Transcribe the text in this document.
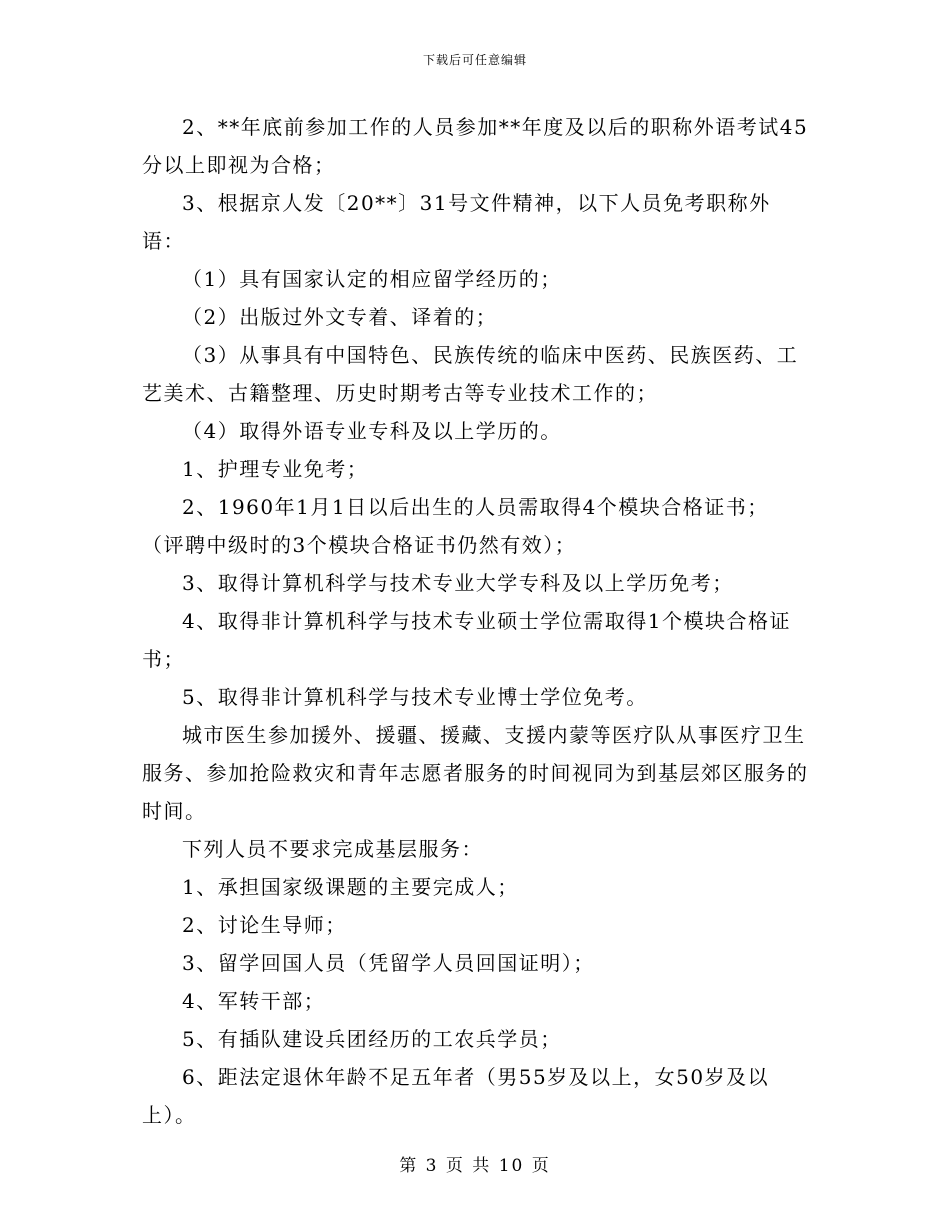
下载后可任意编辑

2、**年底前参加工作的人员参加**年度及以后的职称外语考试45分以上即视为合格；

3、根据京人发〔20**〕31号文件精神，以下人员免考职称外语：

（1）具有国家认定的相应留学经历的；

（2）出版过外文专着、译着的；

（3）从事具有中国特色、民族传统的临床中医药、民族医药、工艺美术、古籍整理、历史时期考古等专业技术工作的；

（4）取得外语专业专科及以上学历的。

1、护理专业免考；

2、1960年1月1日以后出生的人员需取得4个模块合格证书；

（评聘中级时的3个模块合格证书仍然有效）；

3、取得计算机科学与技术专业大学专科及以上学历免考；

4、取得非计算机科学与技术专业硕士学位需取得1个模块合格证书；

5、取得非计算机科学与技术专业博士学位免考。

城市医生参加援外、援疆、援藏、支援内蒙等医疗队从事医疗卫生服务、参加抢险救灾和青年志愿者服务的时间视同为到基层郊区服务的时间。

下列人员不要求完成基层服务：

1、承担国家级课题的主要完成人；

2、讨论生导师；

3、留学回国人员（凭留学人员回国证明）；

4、军转干部；

5、有插队建设兵团经历的工农兵学员；

6、距法定退休年龄不足五年者（男55岁及以上，女50岁及以上）。

第 3 页 共 10 页
